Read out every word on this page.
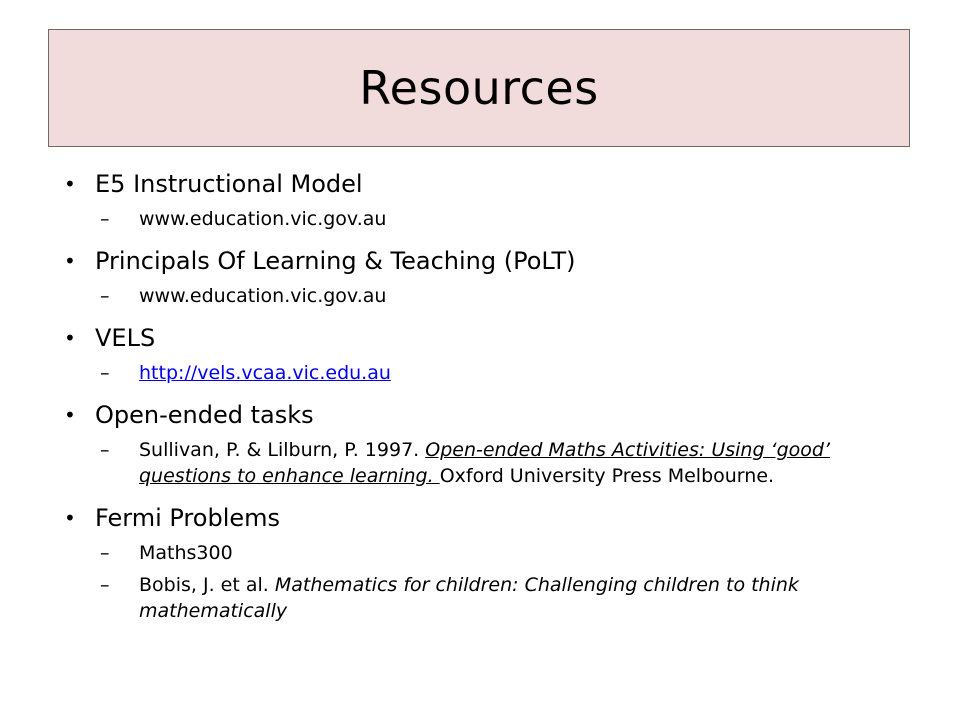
Resources
• E5 Instructional Model
– www.education.vic.gov.au
• Principals Of Learning & Teaching (PoLT)
– www.education.vic.gov.au
• VELS
– http://vels.vcaa.vic.edu.au
• Open-ended tasks
– Sullivan, P. & Lilburn, P. 1997. Open-ended Maths Activities: Using ‘good’ questions to enhance learning. Oxford University Press Melbourne.
• Fermi Problems
– Maths300
– Bobis, J. et al. Mathematics for children: Challenging children to think mathematically
